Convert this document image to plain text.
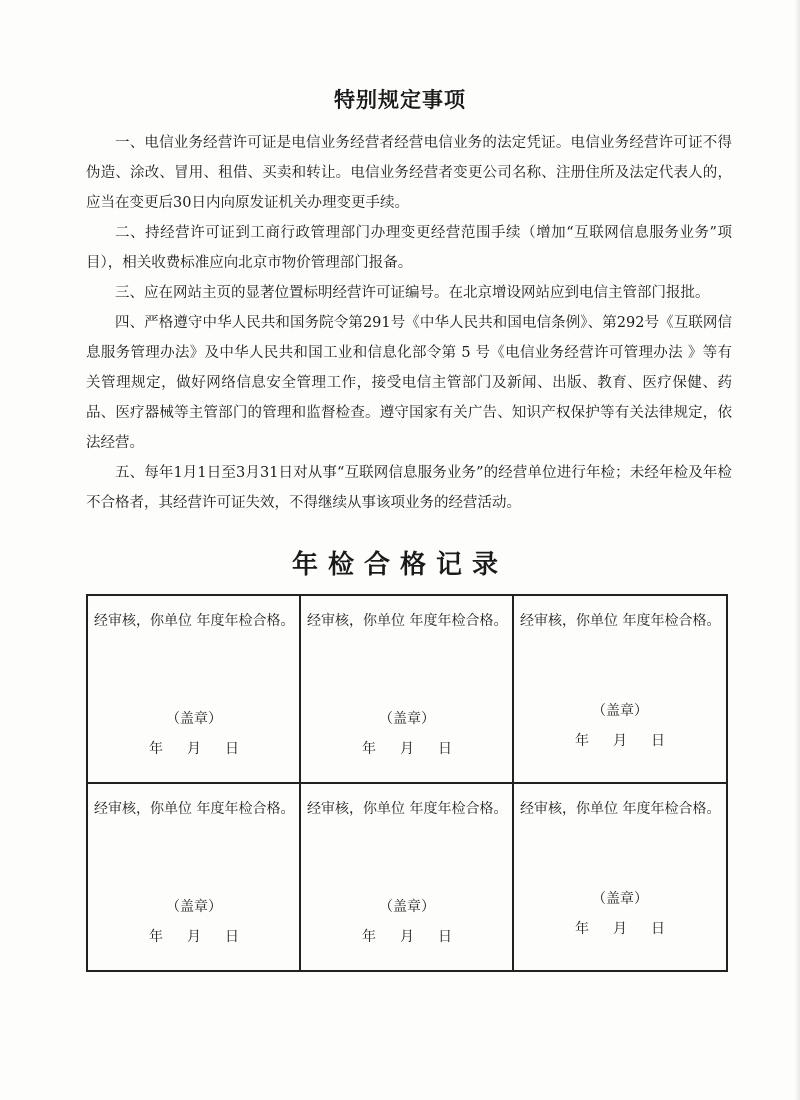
特别规定事项

一、电信业务经营许可证是电信业务经营者经营电信业务的法定凭证。电信业务经营许可证不得伪造、涂改、冒用、租借、买卖和转让。电信业务经营者变更公司名称、注册住所及法定代表人的，应当在变更后30日内向原发证机关办理变更手续。

二、持经营许可证到工商行政管理部门办理变更经营范围手续（增加“互联网信息服务业务”项目），相关收费标准应向北京市物价管理部门报备。

三、应在网站主页的显著位置标明经营许可证编号。在北京增设网站应到电信主管部门报批。

四、严格遵守中华人民共和国务院令第291号《中华人民共和国电信条例》、第292号《互联网信息服务管理办法》及中华人民共和国工业和信息化部令第 5 号《电信业务经营许可管理办法 》等有关管理规定，做好网络信息安全管理工作，接受电信主管部门及新闻、出版、教育、医疗保健、药品、医疗器械等主管部门的管理和监督检查。遵守国家有关广告、知识产权保护等有关法律规定，依法经营。

五、每年1月1日至3月31日对从事“互联网信息服务业务”的经营单位进行年检；未经年检及年检不合格者，其经营许可证失效，不得继续从事该项业务的经营活动。

年检合格记录
经审核，你单位 年度年检合格。
（盖章）
年 月 日
经审核，你单位 年度年检合格。
（盖章）
年 月 日
经审核，你单位 年度年检合格。
（盖章）
年 月 日
经审核，你单位 年度年检合格。
（盖章）
年 月 日
经审核，你单位 年度年检合格。
（盖章）
年 月 日
经审核，你单位 年度年检合格。
（盖章）
年 月 日
